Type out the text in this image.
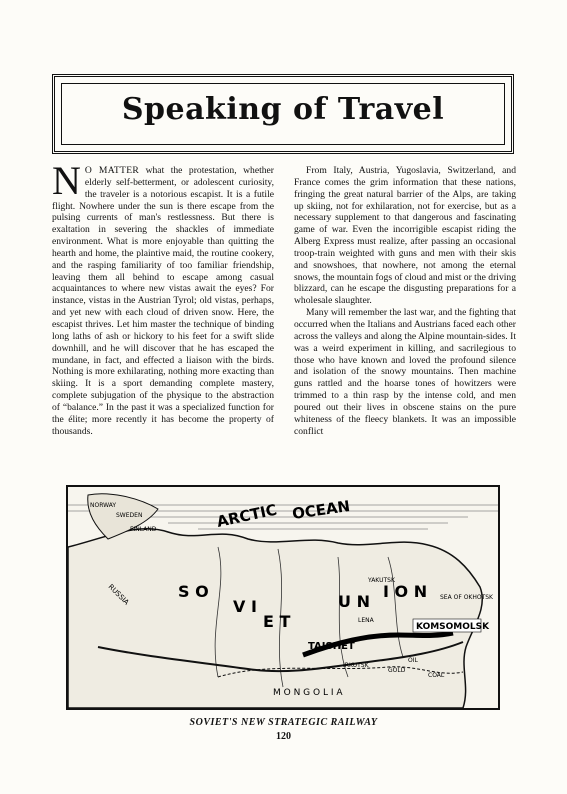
Speaking of Travel

N O MATTER what the protestation, whether elderly self-betterment, or adolescent curiosity, the traveler is a notorious escapist. It is a futile flight. Nowhere under the sun is there escape from the pulsing currents of man's restlessness. But there is exaltation in severing the shackles of immediate environment. What is more enjoyable than quitting the hearth and home, the plaintive maid, the routine cookery, and the rasping familiarity of too familiar friendship, leaving them all behind to escape among casual acquaintances to where new vistas await the eyes? For instance, vistas in the Austrian Tyrol; old vistas, perhaps, and yet new with each cloud of driven snow. Here, the escapist thrives. Let him master the technique of binding long laths of ash or hickory to his feet for a swift slide downhill, and he will discover that he has escaped the mundane, in fact, and effected a liaison with the birds. Nothing is more exhilarating, nothing more exacting than skiing. It is a sport demanding complete mastery, complete subjugation of the physique to the abstraction of “balance.” In the past it was a specialized function for the élite; more recently it has become the property of thousands.

From Italy, Austria, Yugoslavia, Switzerland, and France comes the grim information that these nations, fringing the great natural barrier of the Alps, are taking up skiing, not for exhilaration, not for exercise, but as a necessary supplement to that dangerous and fascinating game of war. Even the incorrigible escapist riding the Alberg Express must realize, after passing an occasional troop-train weighted with guns and men with their skis and snowshoes, that nowhere, not among the eternal snows, the mountain fogs of cloud and mist or the driving blizzard, can he escape the disgusting preparations for a wholesale slaughter.

Many will remember the last war, and the fighting that occurred when the Italians and Austrians faced each other across the valleys and along the Alpine mountain-sides. It was a weird experiment in killing, and sacrilegious to those who have known and loved the profound silence and isolation of the snowy mountains. Then machine guns rattled and the hoarse tones of howitzers were trimmed to a thin rasp by the intense cold, and men poured out their lives in obscene stains on the pure whiteness of the fleecy blankets. It was an impossible conflict

ARCTIC OCEAN
S O
V I
E T
U N
I O N
TAISHET
KOMSOMOLSK
M O N G O L I A
NORWAY
SWEDEN
FINLAND
RUSSIA	SEA OF OKHOTSK
YAKUTSK
IRKUTSK
GOLD
OIL
COAL
LENA
SOVIET'S NEW STRATEGIC RAILWAY
120
